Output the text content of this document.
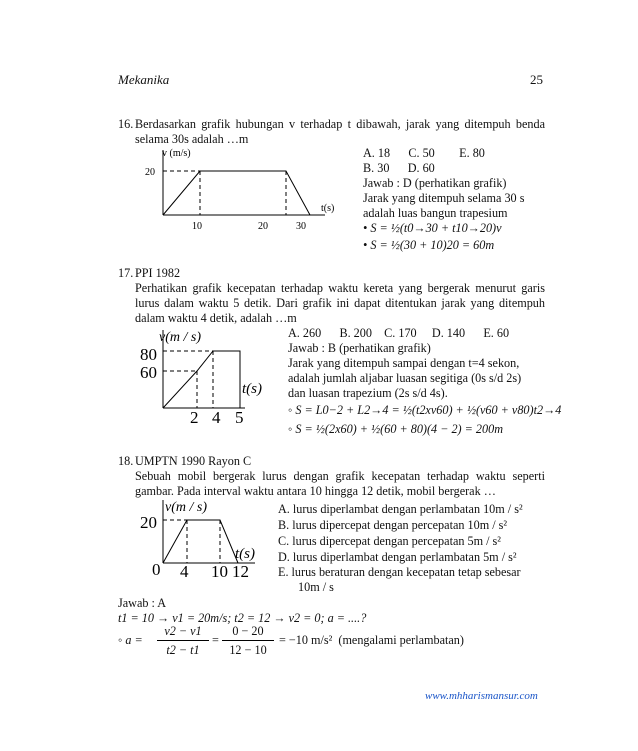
Mekanika	25
16. Berdasarkan grafik hubungan v terhadap t dibawah, jarak yang ditempuh benda selama 30s adalah …m
v (m/s)
20
t(s)
10	20	30
A. 18      C. 50        E. 80
B. 30      D. 60
Jawab : D (perhatikan grafik)
Jarak yang ditempuh selama 30 s
adalah luas bangun trapesium
• S = ½(t0→30 + t10→20)v
• S = ½(30 + 10)20 = 60m
17. PPI 1982
Perhatikan grafik kecepatan terhadap waktu kereta yang bergerak menurut garis lurus dalam waktu 5 detik. Dari grafik ini dapat ditentukan jarak yang ditempuh dalam waktu 4 detik, adalah …m
v(m / s)
80
60
t(s)
2 4 5
A. 260      B. 200    C. 170     D. 140      E. 60
Jawab : B (perhatikan grafik)
Jarak yang ditempuh sampai dengan t=4 sekon,
adalah jumlah aljabar luasan segitiga (0s s/d 2s)
dan luasan trapezium (2s s/d 4s).
◦ S = L0−2 + L2→4 = ½(t2xv60) + ½(v60 + v80)t2→4
◦ S = ½(2x60) + ½(60 + 80)(4 − 2) = 200m
18. UMPTN 1990 Rayon C
Sebuah mobil bergerak lurus dengan grafik kecepatan terhadap waktu seperti gambar. Pada interval waktu antara 10 hingga 12 detik, mobil bergerak …
v(m / s)
20
t(s)
0 4 10 12
A. lurus diperlambat dengan perlambatan 10m / s²
B. lurus dipercepat dengan percepatan 10m / s²
C. lurus dipercepat dengan percepatan 5m / s²
D. lurus diperlambat dengan perlambatan 5m / s²
E. lurus beraturan dengan kecepatan tetap sebesar
10m / s
Jawab : A
t1 = 10 → v1 = 20m/s; t2 = 12 → v2 = 0; a = ....?
◦ a =
v2 − v1
t2 − t1
=
0 − 20
12 − 10
= −10 m/s²  (mengalami perlambatan)
www.mhharismansur.com
